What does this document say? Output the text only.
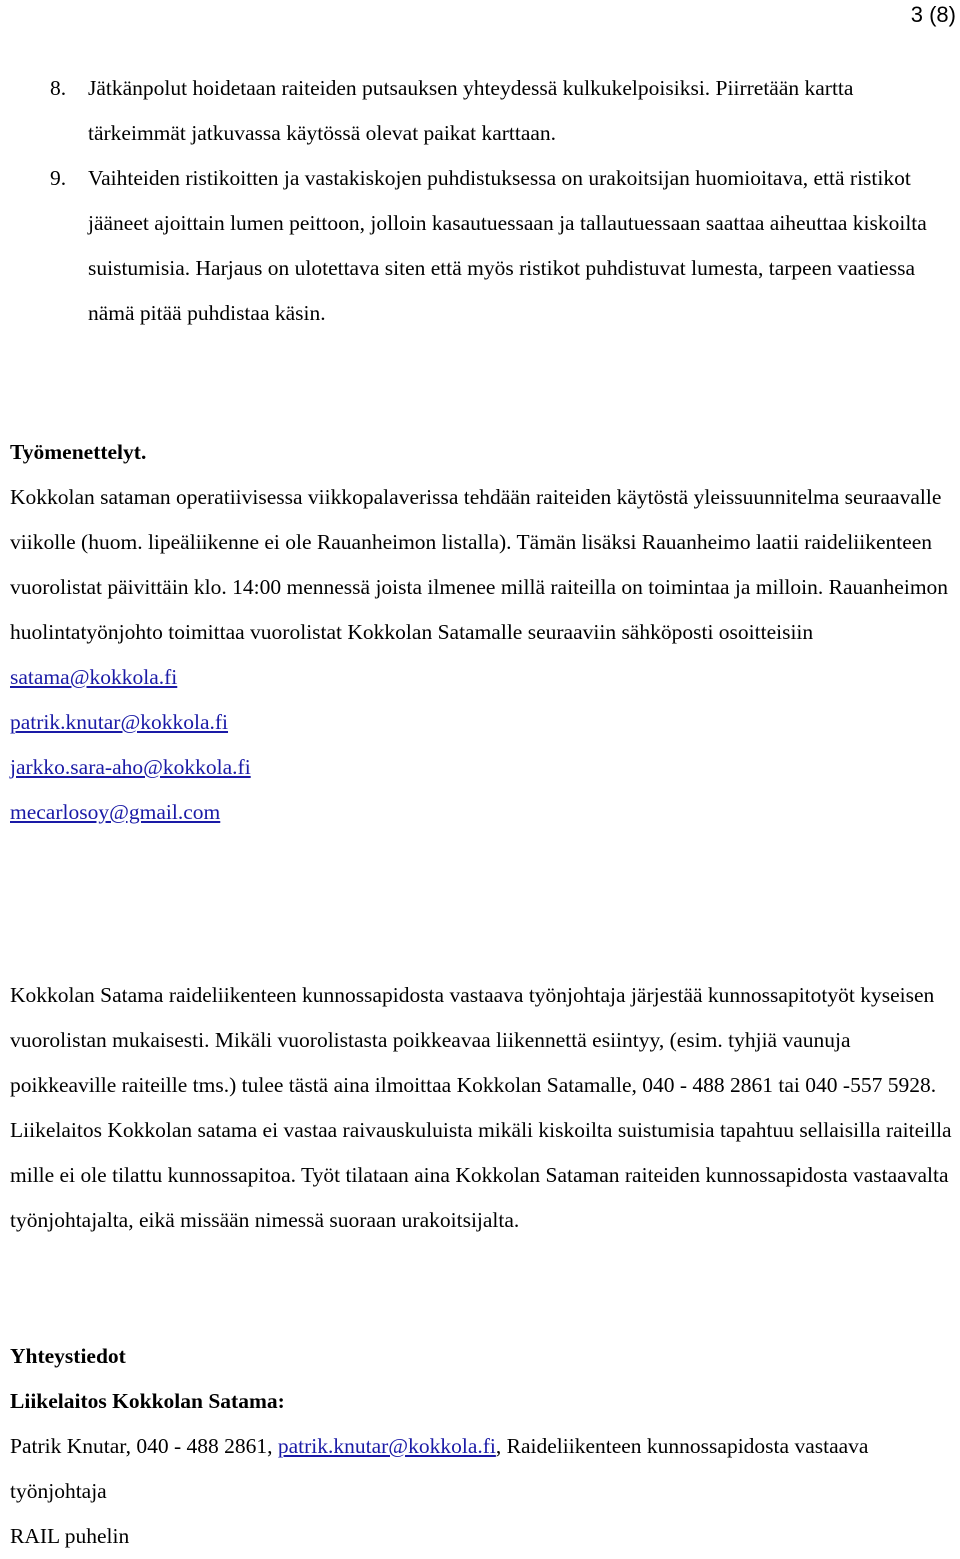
3 (8)
8. Jätkänpolut hoidetaan raiteiden putsauksen yhteydessä kulkukelpoisiksi. Piirretään kartta tärkeimmät jatkuvassa käytössä olevat paikat karttaan.
9. Vaihteiden ristikoitten ja vastakiskojen puhdistuksessa on urakoitsijan huomioitava, että ristikot jääneet ajoittain lumen peittoon, jolloin kasautuessaan ja tallautuessaan saattaa aiheuttaa kiskoilta suistumisia. Harjaus on ulotettava siten että myös ristikot puhdistuvat lumesta, tarpeen vaatiessa nämä pitää puhdistaa käsin.
Työmenettelyt.

Kokkolan sataman operatiivisessa viikkopalaverissa tehdään raiteiden käytöstä yleissuunnitelma seuraavalle viikolle (huom. lipeäliikenne ei ole Rauanheimon listalla). Tämän lisäksi Rauanheimo laatii raideliikenteen vuorolistat päivittäin klo. 14:00 mennessä joista ilmenee millä raiteilla on toimintaa ja milloin. Rauanheimon huolintatyönjohto toimittaa vuorolistat Kokkolan Satamalle seuraaviin sähköposti osoitteisiin

satama@kokkola.fi
patrik.knutar@kokkola.fi
jarkko.sara-aho@kokkola.fi
mecarlosoy@gmail.com

Kokkolan Satama raideliikenteen kunnossapidosta vastaava työnjohtaja järjestää kunnossapitotyöt kyseisen vuorolistan mukaisesti. Mikäli vuorolistasta poikkeavaa liikennettä esiintyy, (esim. tyhjiä vaunuja poikkeaville raiteille tms.) tulee tästä aina ilmoittaa Kokkolan Satamalle, 040 - 488 2861 tai 040 -557 5928. Liikelaitos Kokkolan satama ei vastaa raivauskuluista mikäli kiskoilta suistumisia tapahtuu sellaisilla raiteilla mille ei ole tilattu kunnossapitoa. Työt tilataan aina Kokkolan Sataman raiteiden kunnossapidosta vastaavalta työnjohtajalta, eikä missään nimessä suoraan urakoitsijalta.

Yhteystiedot
Liikelaitos Kokkolan Satama:

Patrik Knutar, 040 - 488 2861, patrik.knutar@kokkola.fi, Raideliikenteen kunnossapidosta vastaava työnjohtaja

RAIL puhelin
